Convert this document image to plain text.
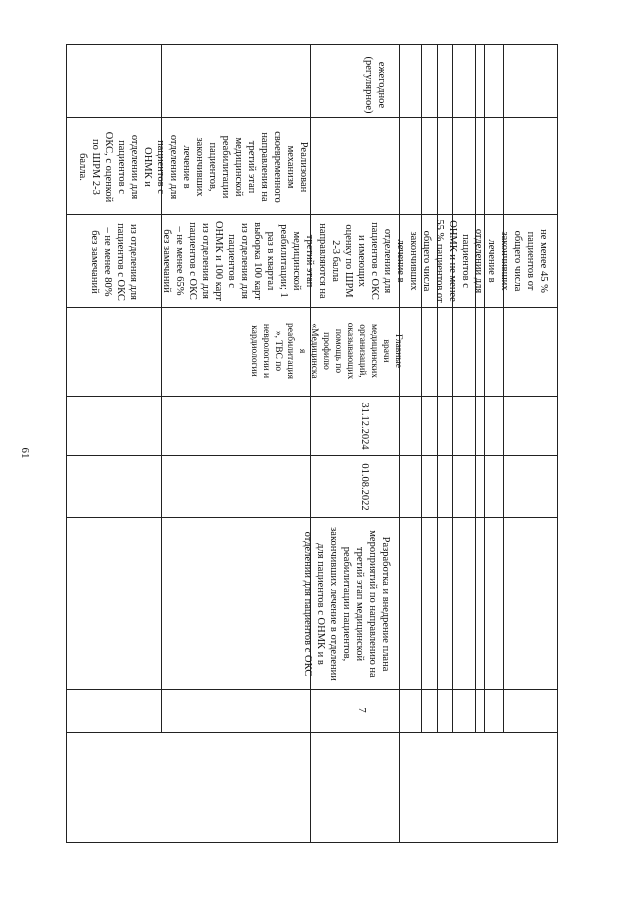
61
ежегодное
(регулярное)
Реализован
механизм
своевременного
направления на
третий этап
медицинской
реабилитации
пациентов,
закончивших
лечение в
отделении для
пациентов с
ОНМК и
отделении для
пациентов с
ОКС, с оценкой
по ШРМ 2-3
балла.
из отделения для
пациентов с ОКС
– не менее 80%
без замечаний	не менее 45 %
пациентов от
общего числа
закончивших
лечение в
отделении для
пациентов с
ОНМК и не менее
55 % пациентов от
общего числа
закончивших
лечение в
отделении для
пациентов с ОКС
и имеющих
оценку по ШРМ
2-3 балла
направляются на
третий этап
медицинской
реабилитации; 1
раз в квартал
выборка 100 карт
из отделения для
пациентов с
ОНМК и 100 карт
из отделения для
пациентов с ОКС
– не менее 65%
без замечаний
Главные
врачи
медицинских
организаций,
оказывающих
помощь по
профилю
«Медицинска
я
реабилитация
», ТВС по
неврологии и
кардиологии
31.12.2024
01.08.2022
Разработка и внедрение плана мероприятий по направлению на третий этап медицинской реабилитации пациентов, закончивших лечение в отделении для пациентов с ОНМК и в отделении для пациентов с ОКС
7
